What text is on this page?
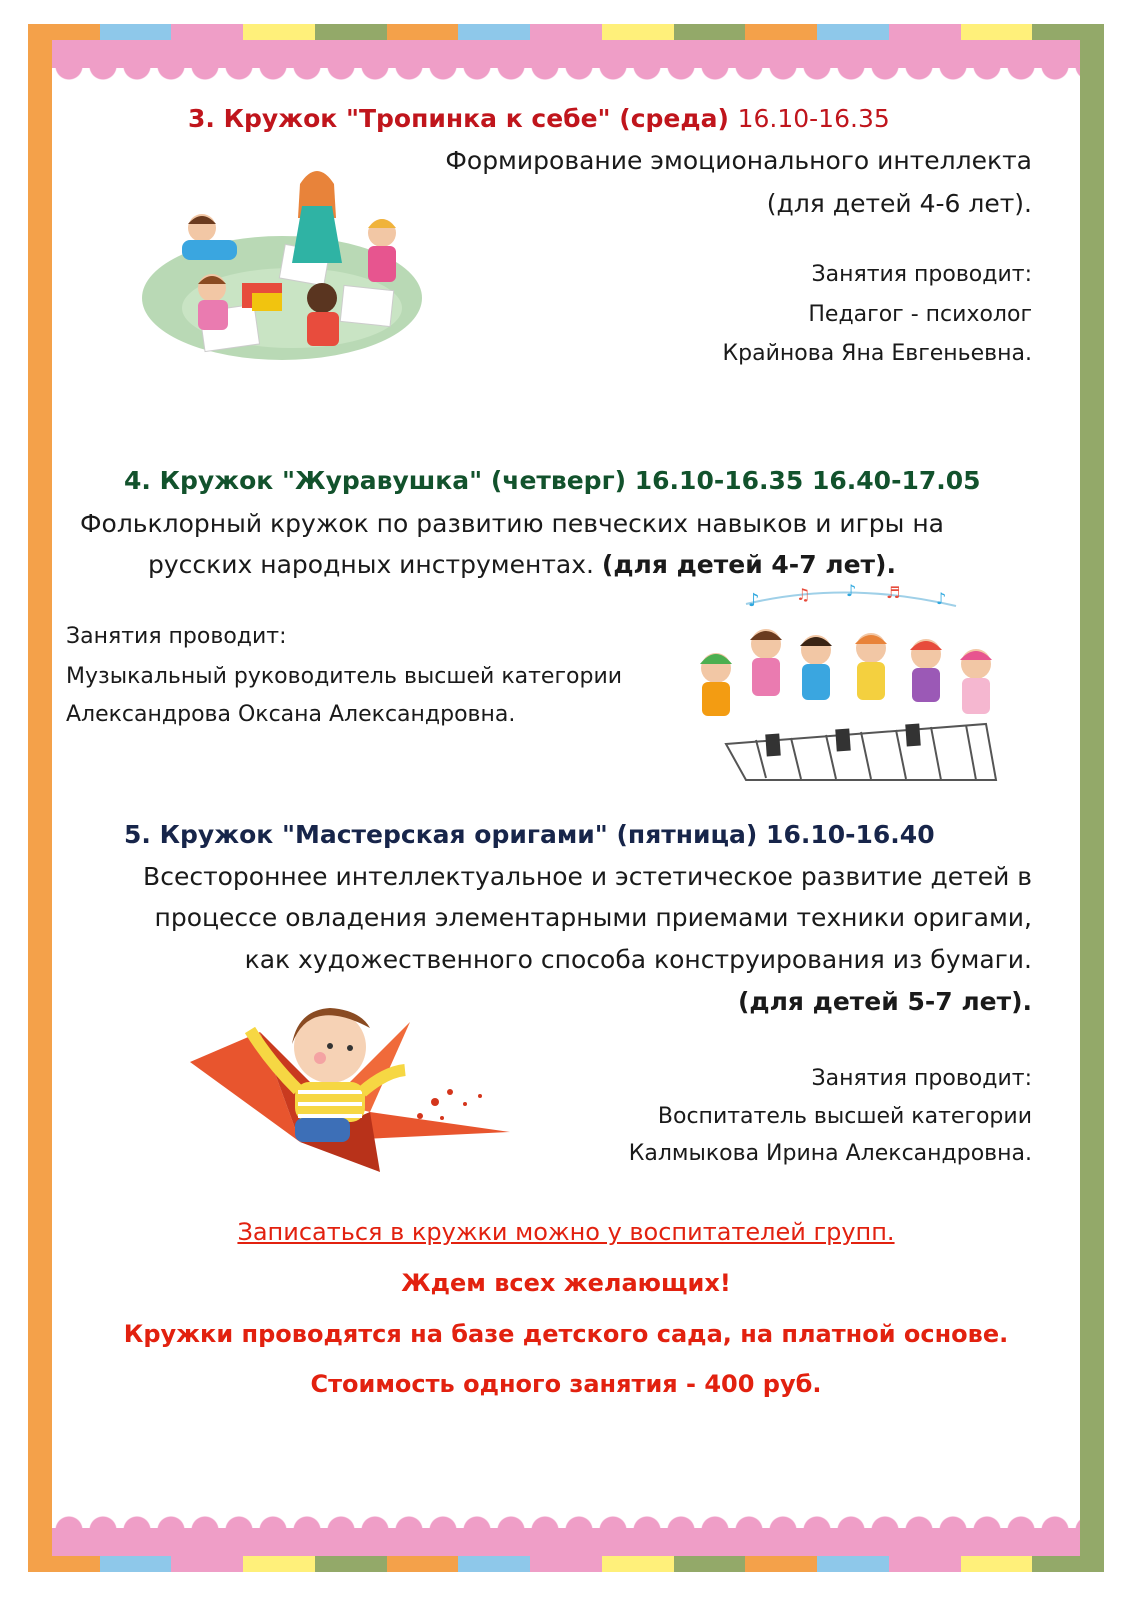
3. Кружок "Тропинка к себе" (среда) 16.10-16.35
Формирование эмоционального интеллекта
(для детей 4-6 лет).
Занятия проводит:
Педагог - психолог
Крайнова Яна Евгеньевна.
4. Кружок "Журавушка" (четверг) 16.10-16.35 16.40-17.05
Фольклорный кружок по развитию певческих навыков и игры на
русских народных инструментах. (для детей 4-7 лет).
Занятия проводит:
Музыкальный руководитель высшей категории
Александрова Оксана Александровна.
♪ ♫ ♪ ♬ ♪
5. Кружок "Мастерская оригами" (пятница) 16.10-16.40
Всестороннее интеллектуальное и эстетическое развитие детей в
процессе овладения элементарными приемами техники оригами,
как художественного способа конструирования из бумаги.
(для детей 5-7 лет).
Занятия проводит:
Воспитатель высшей категории
Калмыкова Ирина Александровна.
Записаться в кружки можно у воспитателей групп.
Ждем всех желающих!
Кружки проводятся на базе детского сада, на платной основе.
Стоимость одного занятия - 400 руб.
